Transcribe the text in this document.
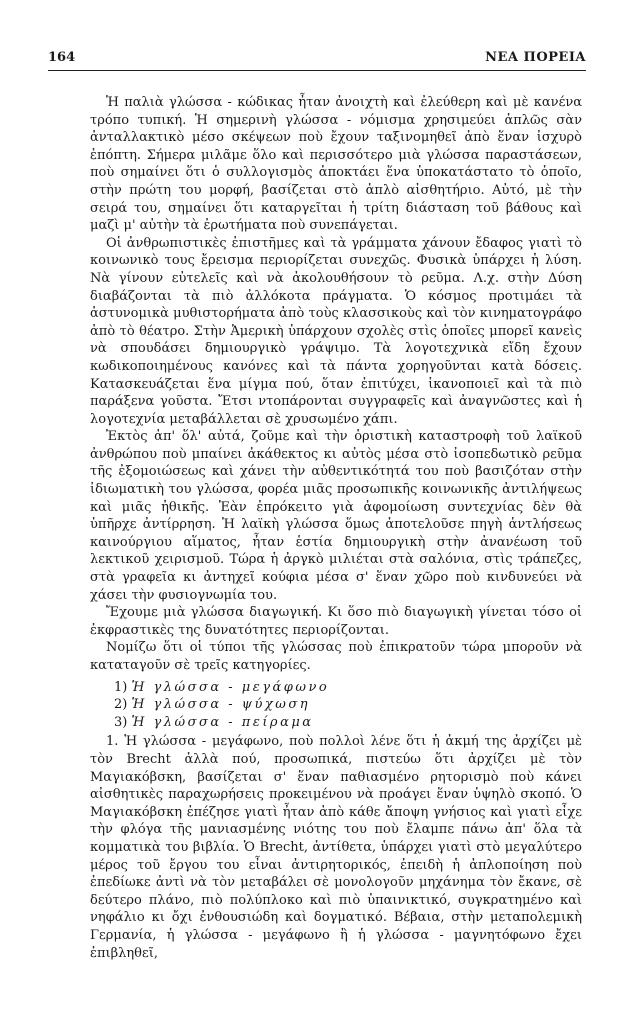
164	ΝΕΑ ΠΟΡΕΙΑ

Ἡ παλιὰ γλώσσα - κώδικας ἦταν ἀνοιχτὴ καὶ ἐλεύθερη καὶ μὲ κανένα τρόπο τυπική. Ἡ σημερινὴ γλώσσα - νόμισμα χρησιμεύει ἁπλῶς σὰν ἀνταλλακτικὸ μέσο σκέψεων ποὺ ἔχουν ταξινομηθεῖ ἀπὸ ἕναν ἰσχυρὸ ἐπόπτη. Σήμερα μιλᾶμε ὅλο καὶ περισσότερο μιὰ γλώσσα παραστάσεων, ποὺ σημαίνει ὅτι ὁ συλλογισμὸς ἀποκτάει ἕνα ὑποκατάστατο τὸ ὁποῖο, στὴν πρώτη του μορφή, βασίζεται στὸ ἁπλὸ αἰσθητήριο. Αὐτό, μὲ τὴν σειρά του, σημαίνει ὅτι καταργεῖται ἡ τρίτη διάσταση τοῦ βάθους καὶ μαζὶ μ' αὐτὴν τὰ ἐρωτήματα ποὺ συνεπάγεται.

Οἱ ἀνθρωπιστικὲς ἐπιστῆμες καὶ τὰ γράμματα χάνουν ἔδαφος γιατὶ τὸ κοινωνικὸ τους ἔρεισμα περιορίζεται συνεχῶς. Φυσικὰ ὑπάρχει ἡ λύση. Νὰ γίνουν εὐτελεῖς καὶ νὰ ἀκολουθήσουν τὸ ρεῦμα. Λ.χ. στὴν Δύση διαβάζονται τὰ πιὸ ἀλλόκοτα πράγματα. Ὁ κόσμος προτιμάει τὰ ἀστυνομικὰ μυθιστορήματα ἀπὸ τοὺς κλασσικοὺς καὶ τὸν κινηματογράφο ἀπὸ τὸ θέατρο. Στὴν Ἀμερικὴ ὑπάρχουν σχολὲς στὶς ὁποῖες μπορεῖ κανεὶς νὰ σπουδάσει δημιουργικὸ γράψιμο. Τὰ λογοτεχνικὰ εἴδη ἔχουν κωδικοποιημένους κανόνες καὶ τὰ πάντα χορηγοῦνται κατὰ δόσεις. Κατασκευάζεται ἕνα μίγμα πού, ὅταν ἐπιτύχει, ἱκανοποιεῖ καὶ τὰ πιὸ παράξενα γοῦστα. Ἔτσι ντοπάρονται συγγραφεῖς καὶ ἀναγνῶστες καὶ ἡ λογοτεχνία μεταβάλλεται σὲ χρυσωμένο χάπι.

Ἐκτὸς ἀπ' ὅλ' αὐτά, ζοῦμε καὶ τὴν ὁριστικὴ καταστροφὴ τοῦ λαϊκοῦ ἀνθρώπου ποὺ μπαίνει ἀκάθεκτος κι αὐτὸς μέσα στὸ ἰσοπεδωτικὸ ρεῦμα τῆς ἐξομοιώσεως καὶ χάνει τὴν αὐθεντικότητά του ποὺ βασιζόταν στὴν ἰδιωματικὴ του γλώσσα, φορέα μιᾶς προσωπικῆς κοινωνικῆς ἀντιλήψεως καὶ μιᾶς ἠθικῆς. Ἐὰν ἐπρόκειτο γιὰ ἀφομοίωση συντεχνίας δὲν θὰ ὑπῆρχε ἀντίρρηση. Ἡ λαϊκὴ γλώσσα ὅμως ἀποτελοῦσε πηγὴ ἀντλήσεως καινούργιου αἵματος, ἦταν ἑστία δημιουργικὴ στὴν ἀνανέωση τοῦ λεκτικοῦ χειρισμοῦ. Τώρα ἡ ἀργκὸ μιλιέται στὰ σαλόνια, στὶς τράπεζες, στὰ γραφεῖα κι ἀντηχεῖ κούφια μέσα σ' ἕναν χῶρο ποὺ κινδυνεύει νὰ χάσει τὴν φυσιογνωμία του.

Ἔχουμε μιὰ γλώσσα διαγωγική. Κι ὅσο πιὸ διαγωγικὴ γίνεται τόσο οἱ ἐκφραστικὲς της δυνατότητες περιορίζονται.

Νομίζω ὅτι οἱ τύποι τῆς γλώσσας ποὺ ἐπικρατοῦν τώρα μποροῦν νὰ καταταγοῦν σὲ τρεῖς κατηγορίες.

1) Ἡ γλώσσα - μεγάφωνο
2) Ἡ γλώσσα - ψύχωση
3) Ἡ γλώσσα - πείραμα

1. Ἡ γλώσσα - μεγάφωνο, ποὺ πολλοὶ λένε ὅτι ἡ ἀκμή της ἀρχίζει μὲ τὸν Brecht ἀλλὰ πού, προσωπικά, πιστεύω ὅτι ἀρχίζει μὲ τὸν Μαγιακόβσκη, βασίζεται σ' ἕναν παθιασμένο ρητορισμὸ ποὺ κάνει αἰσθητικὲς παραχωρήσεις προκειμένου νὰ προάγει ἕναν ὑψηλὸ σκοπό. Ὁ Μαγιακόβσκη ἐπέζησε γιατὶ ἦταν ἀπὸ κάθε ἄποψη γνήσιος καὶ γιατὶ εἶχε τὴν φλόγα τῆς μανιασμένης νιότης του ποὺ ἔλαμπε πάνω ἀπ' ὅλα τὰ κομματικὰ του βιβλία. Ὁ Brecht, ἀντίθετα, ὑπάρχει γιατὶ στὸ μεγαλύτερο μέρος τοῦ ἔργου του εἶναι ἀντιρητορικός, ἐπειδὴ ἡ ἀπλοποίηση ποὺ ἐπεδίωκε ἀντὶ νὰ τὸν μεταβάλει σὲ μονολογοῦν μηχάνημα τὸν ἔκανε, σὲ δεύτερο πλάνο, πιὸ πολύπλοκο καὶ πιὸ ὑπαινικτικό, συγκρατημένο καὶ νηφάλιο κι ὄχι ἐνθουσιώδη καὶ δογματικό. Βέβαια, στὴν μεταπολεμικὴ Γερμανία, ἡ γλώσσα - μεγάφωνο ἢ ἡ γλώσσα - μαγνητόφωνο ἔχει ἐπιβληθεῖ,
